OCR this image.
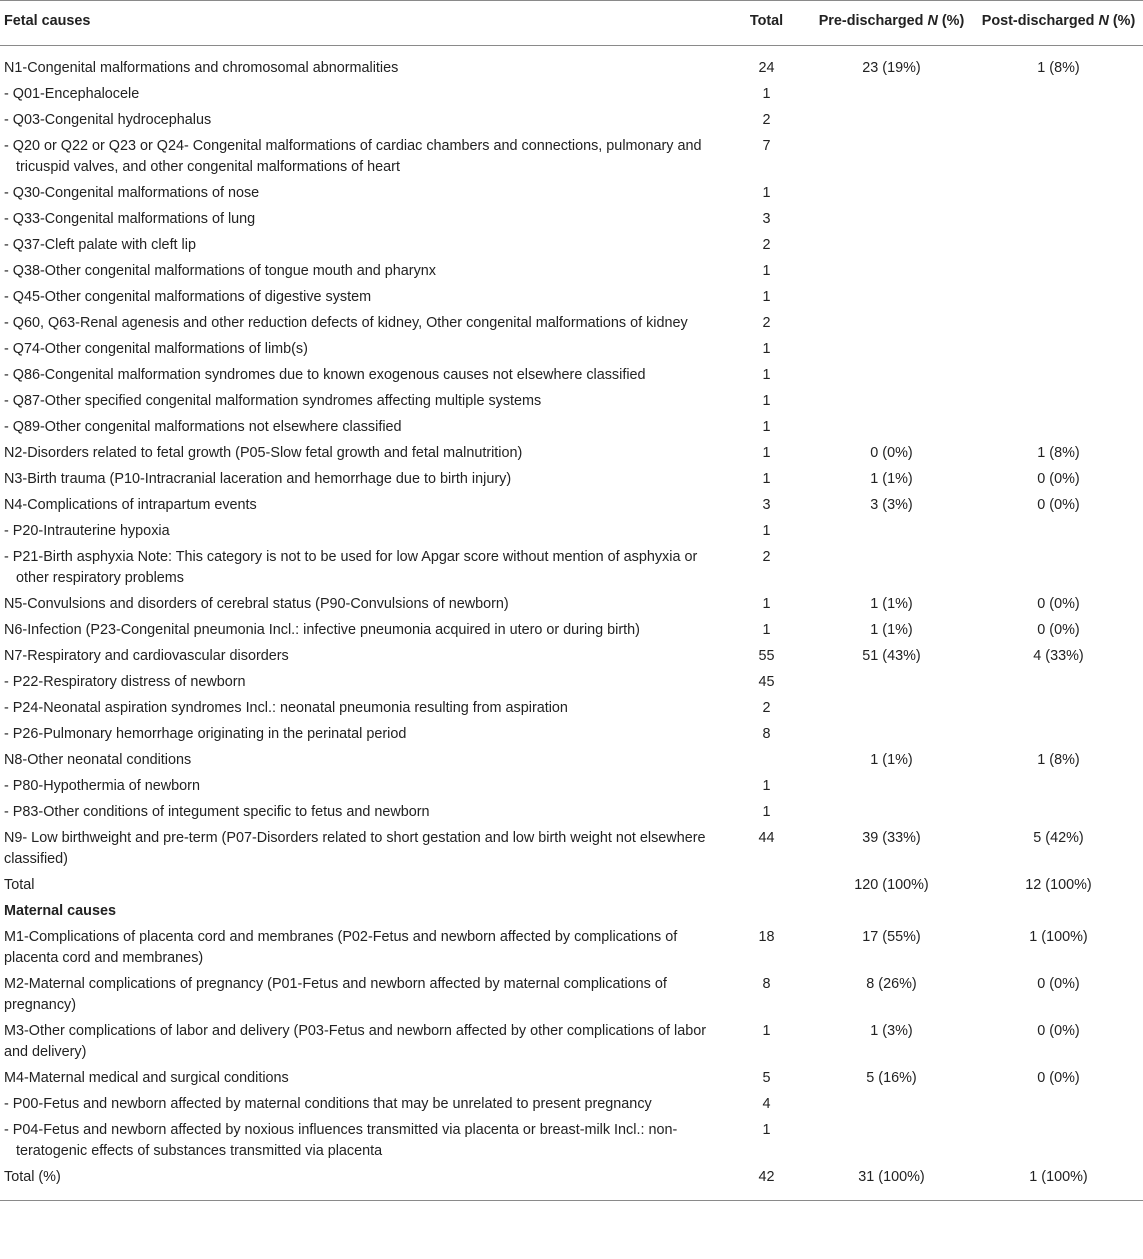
Fetal causes	Total	Pre-discharged N (%)	Post-discharged N (%)
N1-Congenital malformations and chromosomal abnormalities	24	23 (19%)	1 (8%)

- Q01-Encephalocele	1		

- Q03-Congenital hydrocephalus	2		

- Q20 or Q22 or Q23 or Q24- Congenital malformations of cardiac chambers and connections, pulmonary and tricuspid valves, and other congenital malformations of heart	7		

- Q30-Congenital malformations of nose	1		

- Q33-Congenital malformations of lung	3		

- Q37-Cleft palate with cleft lip	2		

- Q38-Other congenital malformations of tongue mouth and pharynx	1		

- Q45-Other congenital malformations of digestive system	1		

- Q60, Q63-Renal agenesis and other reduction defects of kidney, Other congenital malformations of kidney	2		

- Q74-Other congenital malformations of limb(s)	1		

- Q86-Congenital malformation syndromes due to known exogenous causes not elsewhere classified	1		

- Q87-Other specified congenital malformation syndromes affecting multiple systems	1		

- Q89-Other congenital malformations not elsewhere classified	1		
N2-Disorders related to fetal growth (P05-Slow fetal growth and fetal malnutrition)	1	0 (0%)	1 (8%)
N3-Birth trauma (P10-Intracranial laceration and hemorrhage due to birth injury)	1	1 (1%)	0 (0%)
N4-Complications of intrapartum events	3	3 (3%)	0 (0%)

- P20-Intrauterine hypoxia	1		

- P21-Birth asphyxia Note: This category is not to be used for low Apgar score without mention of asphyxia or other respiratory problems	2		
N5-Convulsions and disorders of cerebral status (P90-Convulsions of newborn)	1	1 (1%)	0 (0%)
N6-Infection (P23-Congenital pneumonia Incl.: infective pneumonia acquired in utero or during birth)	1	1 (1%)	0 (0%)
N7-Respiratory and cardiovascular disorders	55	51 (43%)	4 (33%)

- P22-Respiratory distress of newborn	45		

- P24-Neonatal aspiration syndromes Incl.: neonatal pneumonia resulting from aspiration	2		

- P26-Pulmonary hemorrhage originating in the perinatal period	8		
N8-Other neonatal conditions		1 (1%)	1 (8%)

- P80-Hypothermia of newborn	1		

- P83-Other conditions of integument specific to fetus and newborn	1		
N9- Low birthweight and pre-term (P07-Disorders related to short gestation and low birth weight not elsewhere classified)	44	39 (33%)	5 (42%)
Total		120 (100%)	12 (100%)
Maternal causes			
M1-Complications of placenta cord and membranes (P02-Fetus and newborn affected by complications of placenta cord and membranes)	18	17 (55%)	1 (100%)
M2-Maternal complications of pregnancy (P01-Fetus and newborn affected by maternal complications of pregnancy)	8	8 (26%)	0 (0%)
M3-Other complications of labor and delivery (P03-Fetus and newborn affected by other complications of labor and delivery)	1	1 (3%)	0 (0%)
M4-Maternal medical and surgical conditions	5	5 (16%)	0 (0%)

- P00-Fetus and newborn affected by maternal conditions that may be unrelated to present pregnancy	4		

- P04-Fetus and newborn affected by noxious influences transmitted via placenta or breast-milk Incl.: non-teratogenic effects of substances transmitted via placenta	1		
Total (%)	42	31 (100%)	1 (100%)
